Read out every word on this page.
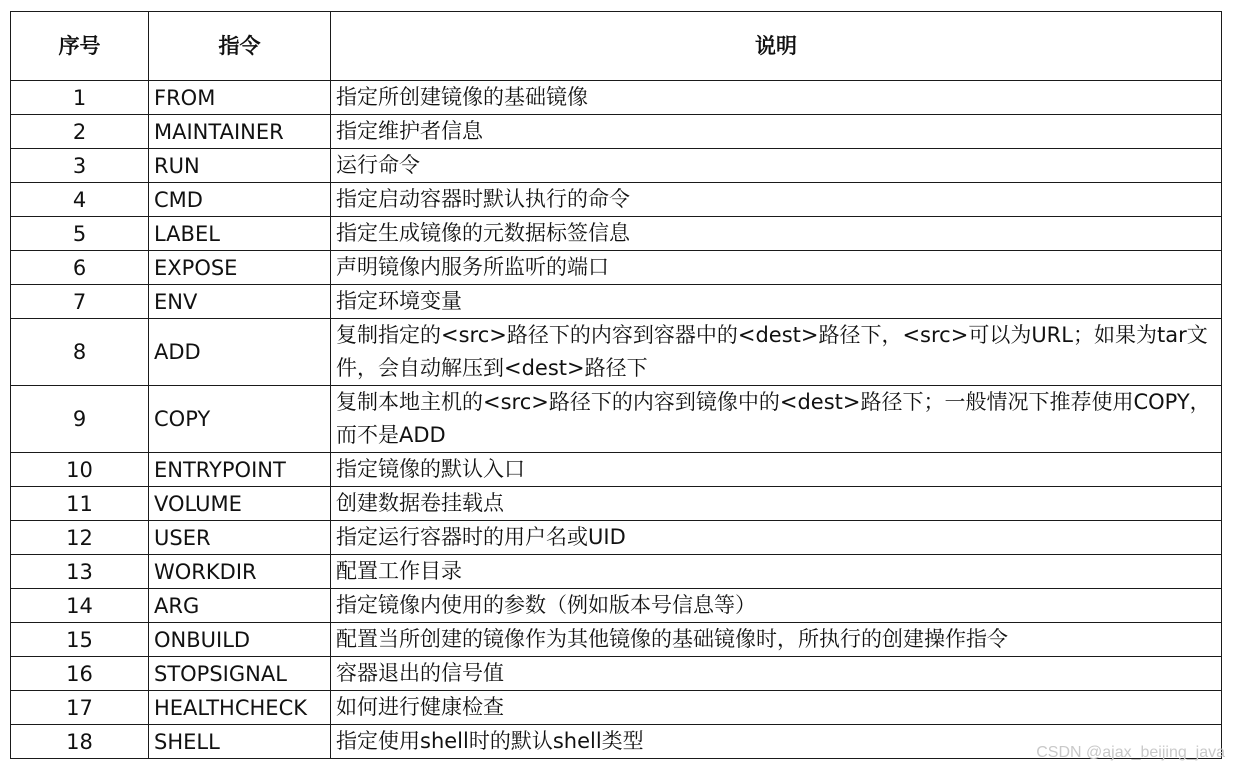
序号	指令	说明
1	FROM	指定所创建镜像的基础镜像
2	MAINTAINER	指定维护者信息
3	RUN	运行命令
4	CMD	指定启动容器时默认执行的命令
5	LABEL	指定生成镜像的元数据标签信息
6	EXPOSE	声明镜像内服务所监听的端口
7	ENV	指定环境变量
8	ADD	复制指定的<src>路径下的内容到容器中的<dest>路径下，<src>可以为URL；如果为tar文件，会自动解压到<dest>路径下
9	COPY	复制本地主机的<src>路径下的内容到镜像中的<dest>路径下；一般情况下推荐使用COPY，而不是ADD
10	ENTRYPOINT	指定镜像的默认入口
11	VOLUME	创建数据卷挂载点
12	USER	指定运行容器时的用户名或UID
13	WORKDIR	配置工作目录
14	ARG	指定镜像内使用的参数（例如版本号信息等）
15	ONBUILD	配置当所创建的镜像作为其他镜像的基础镜像时，所执行的创建操作指令
16	STOPSIGNAL	容器退出的信号值
17	HEALTHCHECK	如何进行健康检查
18	SHELL	指定使用shell时的默认shell类型	CSDN @ajax_beijing_java
